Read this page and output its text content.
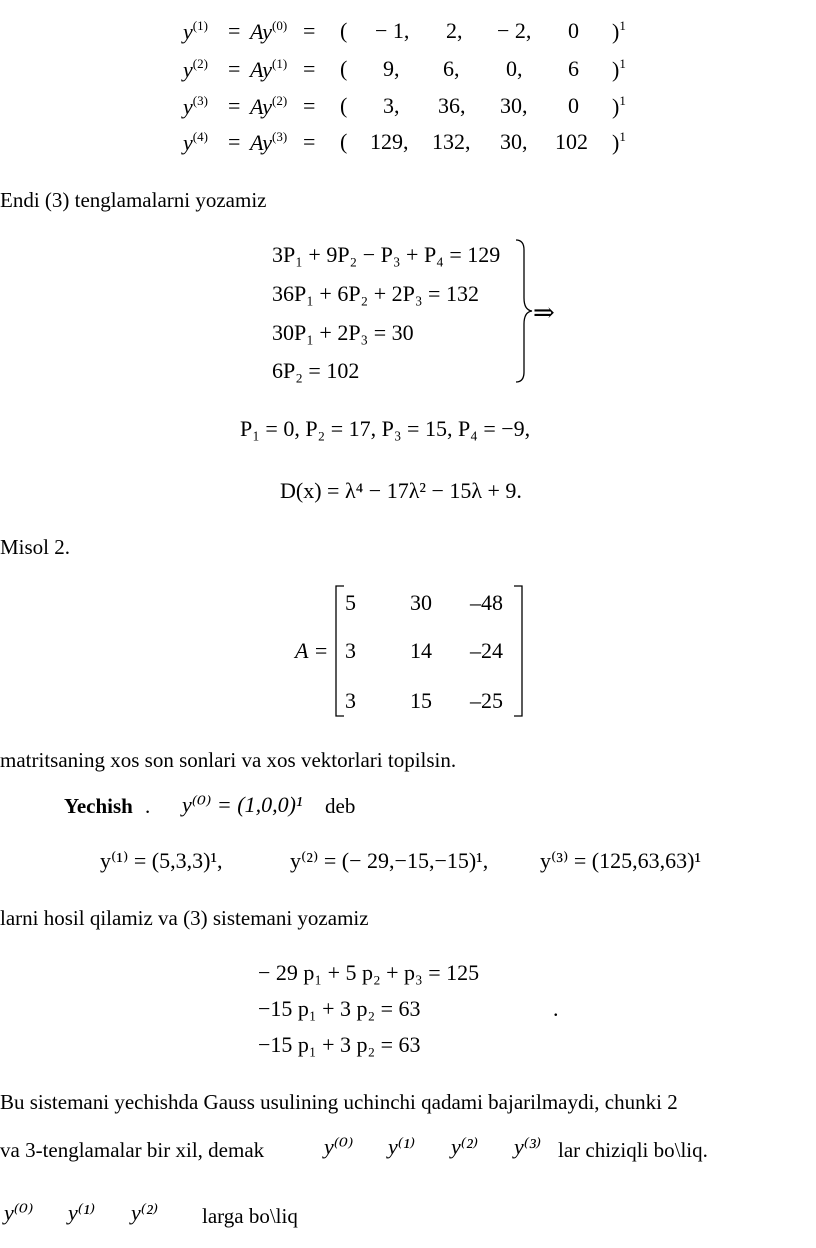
$y^{(1)} = Ay^{(0)}$ = ( − 1, 2, − 2, 0 )$^1$
$y^{(2)} = Ay^{(1)}$ = ( 9, 6, 0, 6 )$^1$
$y^{(3)} = Ay^{(2)}$ = ( 3, 36, 30, 0 )$^1$
$y^{(4)} = Ay^{(3)}$ = ( 129, 132, 30, 102 )$^1$
Endi (3) tenglamalarni yozamiz
3P₁ + 9P₂ − P₃ + P₄ = 129
36P₁ + 6P₂ + 2P₃ = 132
30P₁ + 2P₃ = 30
6P₂ = 102
⇒
P₁ = 0, P₂ = 17, P₃ = 15, P₄ = −9,
D(x) = λ⁴ − 17λ² − 15λ + 9.
Misol 2.
A =
5 30 –48
3 14 –24
3 15 –25
matritsaning xos son sonlari va xos vektorlari topilsin.
Yechish . y⁽⁰⁾ = (1,0,0)¹ deb
y⁽¹⁾ = (5,3,3)¹,	y⁽²⁾ = (− 29,−15,−15)¹, y⁽³⁾ = (125,63,63)¹
larni hosil qilamiz va (3) sistemani yozamiz
− 29 p₁ + 5 p₂ + p₃ = 125
−15 p₁ + 3 p₂ = 63
−15 p₁ + 3 p₂ = 63
.
Bu sistemani yechishda Gauss usulining uchinchi qadami bajarilmaydi, chunki 2
va 3-tenglamalar bir xil, demak	y⁽⁰⁾ y⁽¹⁾ y⁽²⁾ y⁽³⁾ lar chiziqli bo\liq.
y⁽⁰⁾ y⁽¹⁾ y⁽²⁾ larga bo\liq
